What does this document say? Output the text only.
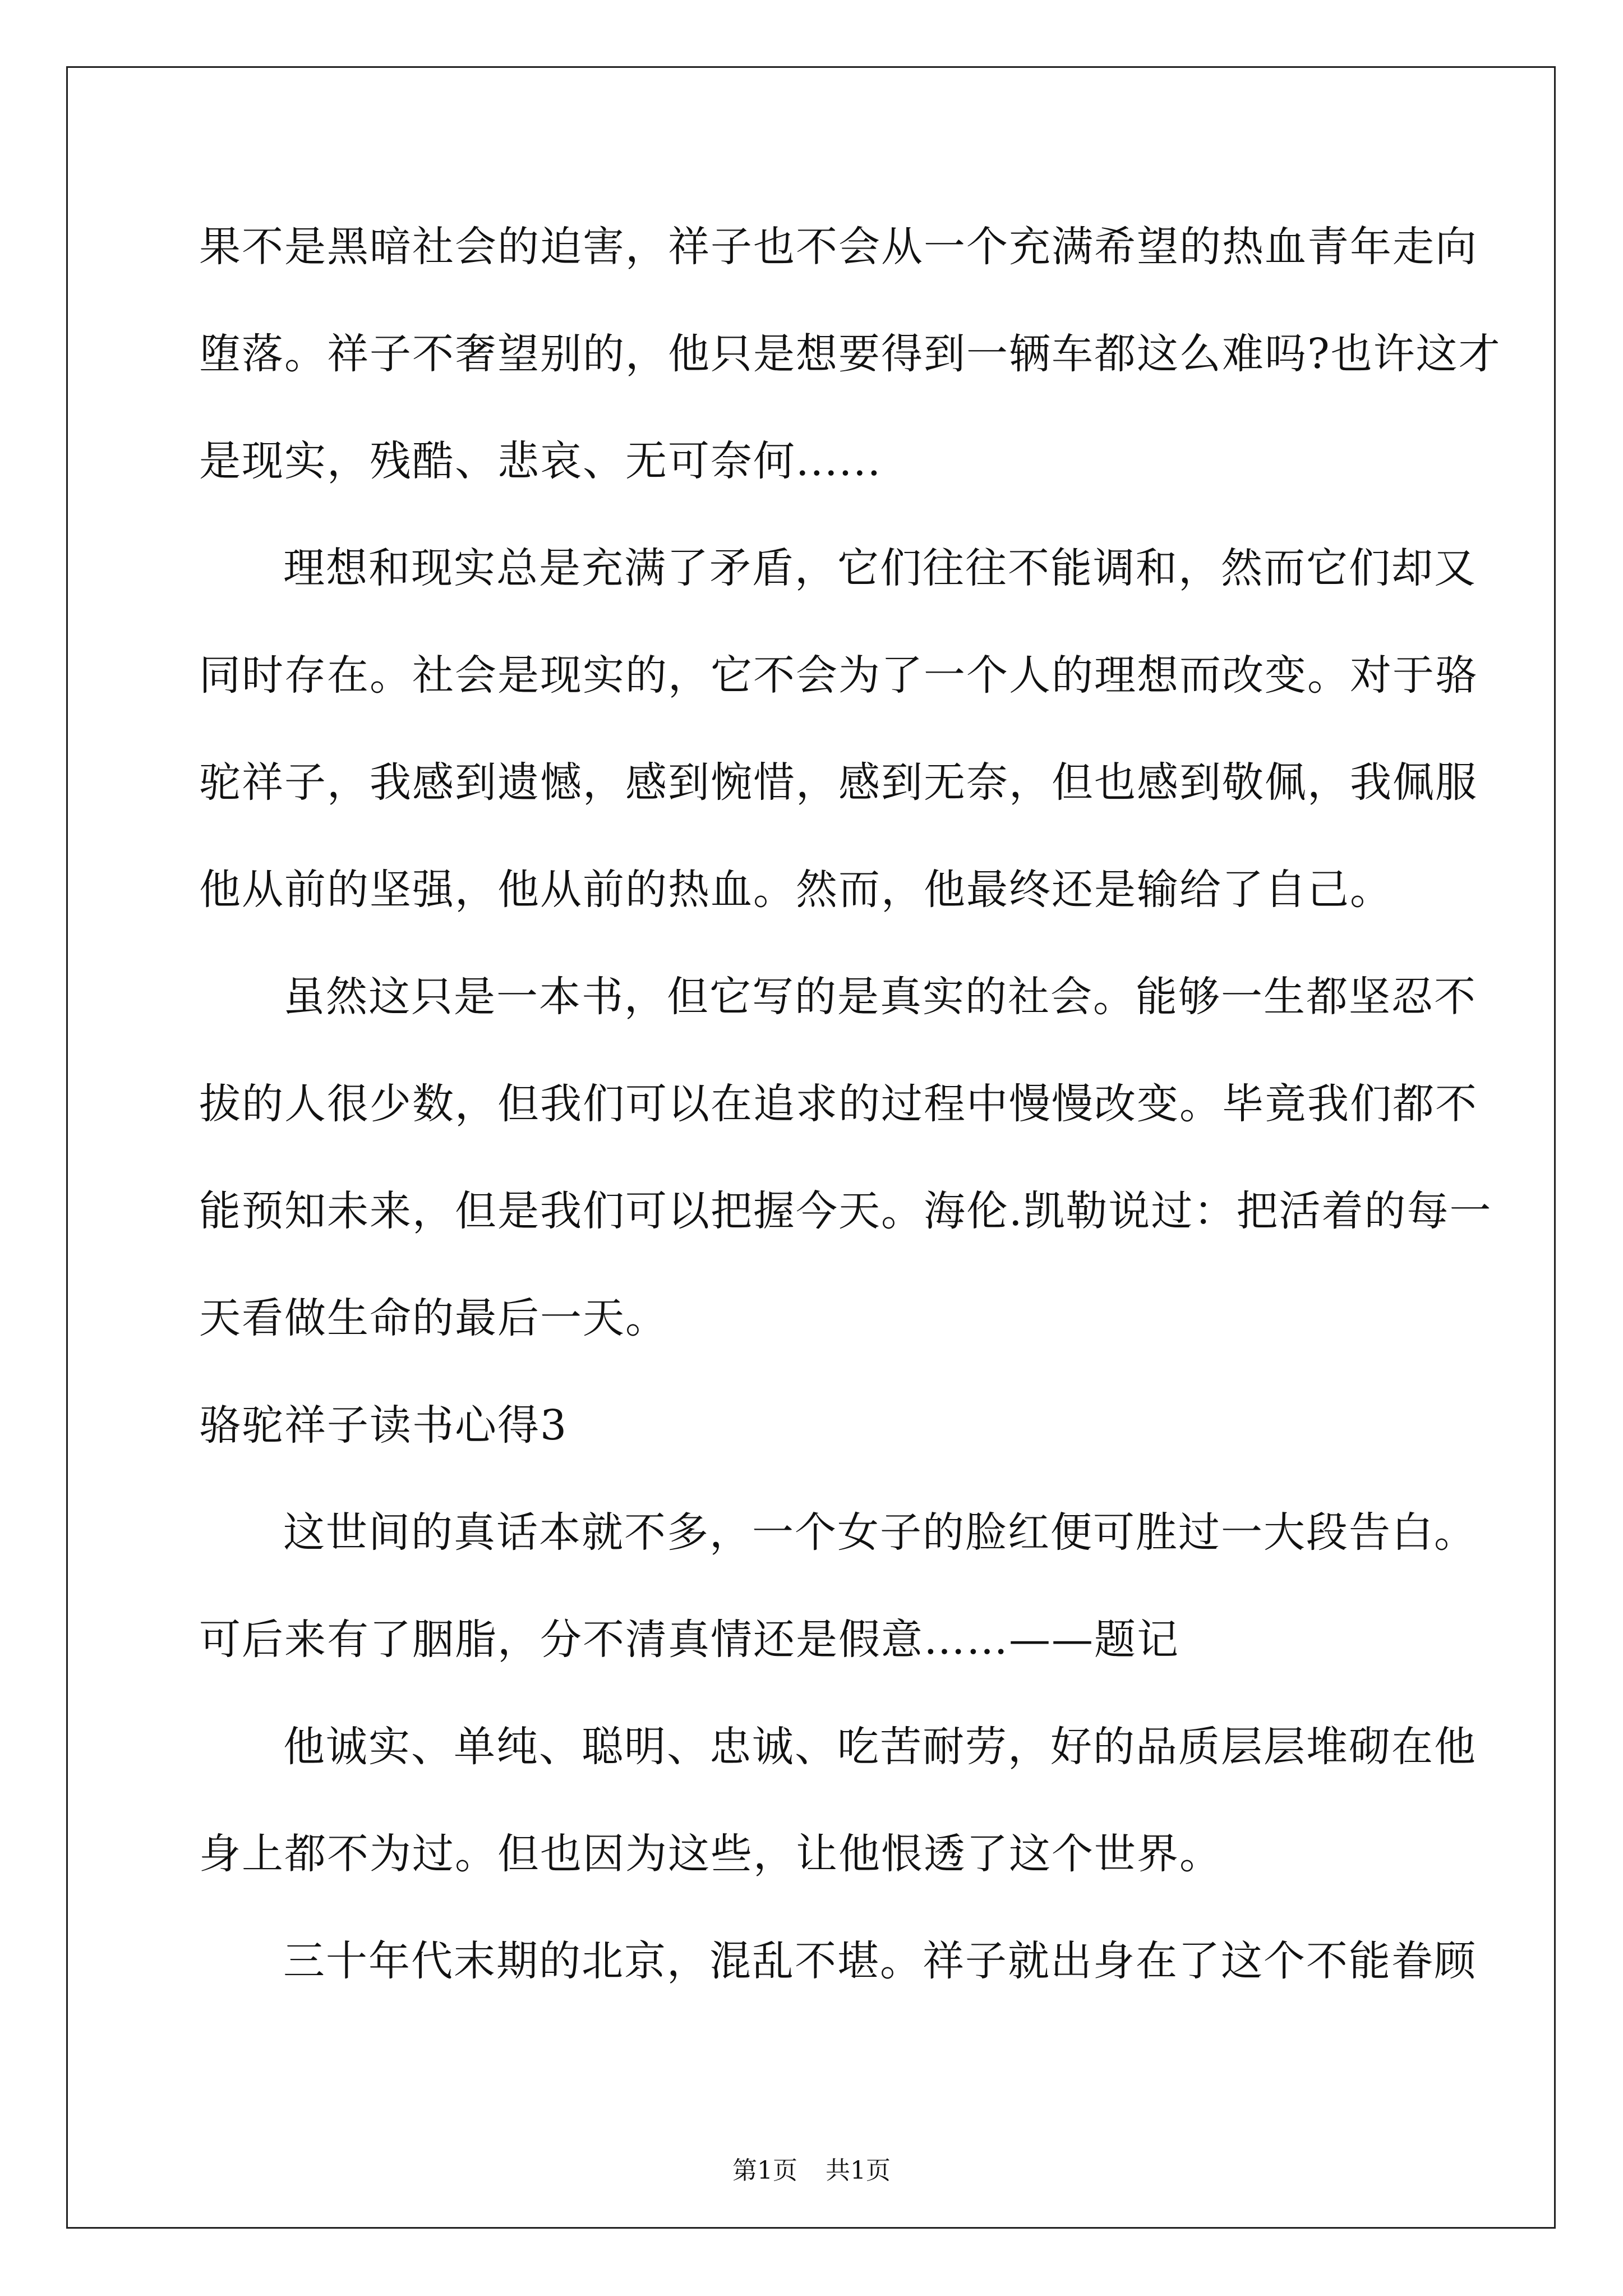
果不是黑暗社会的迫害，祥子也不会从一个充满希望的热血青年走向
堕落。祥子不奢望别的，他只是想要得到一辆车都这么难吗?也许这才
是现实，残酷、悲哀、无可奈何......
理想和现实总是充满了矛盾，它们往往不能调和，然而它们却又
同时存在。社会是现实的，它不会为了一个人的理想而改变。对于骆
驼祥子，我感到遗憾，感到惋惜，感到无奈，但也感到敬佩，我佩服
他从前的坚强，他从前的热血。然而，他最终还是输给了自己。
虽然这只是一本书，但它写的是真实的社会。能够一生都坚忍不
拔的人很少数，但我们可以在追求的过程中慢慢改变。毕竟我们都不
能预知未来，但是我们可以把握今天。海伦.凯勒说过：把活着的每一
天看做生命的最后一天。
骆驼祥子读书心得3
这世间的真话本就不多，一个女子的脸红便可胜过一大段告白。
可后来有了胭脂，分不清真情还是假意……——题记
他诚实、单纯、聪明、忠诚、吃苦耐劳，好的品质层层堆砌在他
身上都不为过。但也因为这些，让他恨透了这个世界。
三十年代末期的北京，混乱不堪。祥子就出身在了这个不能眷顾
第1页 共1页
